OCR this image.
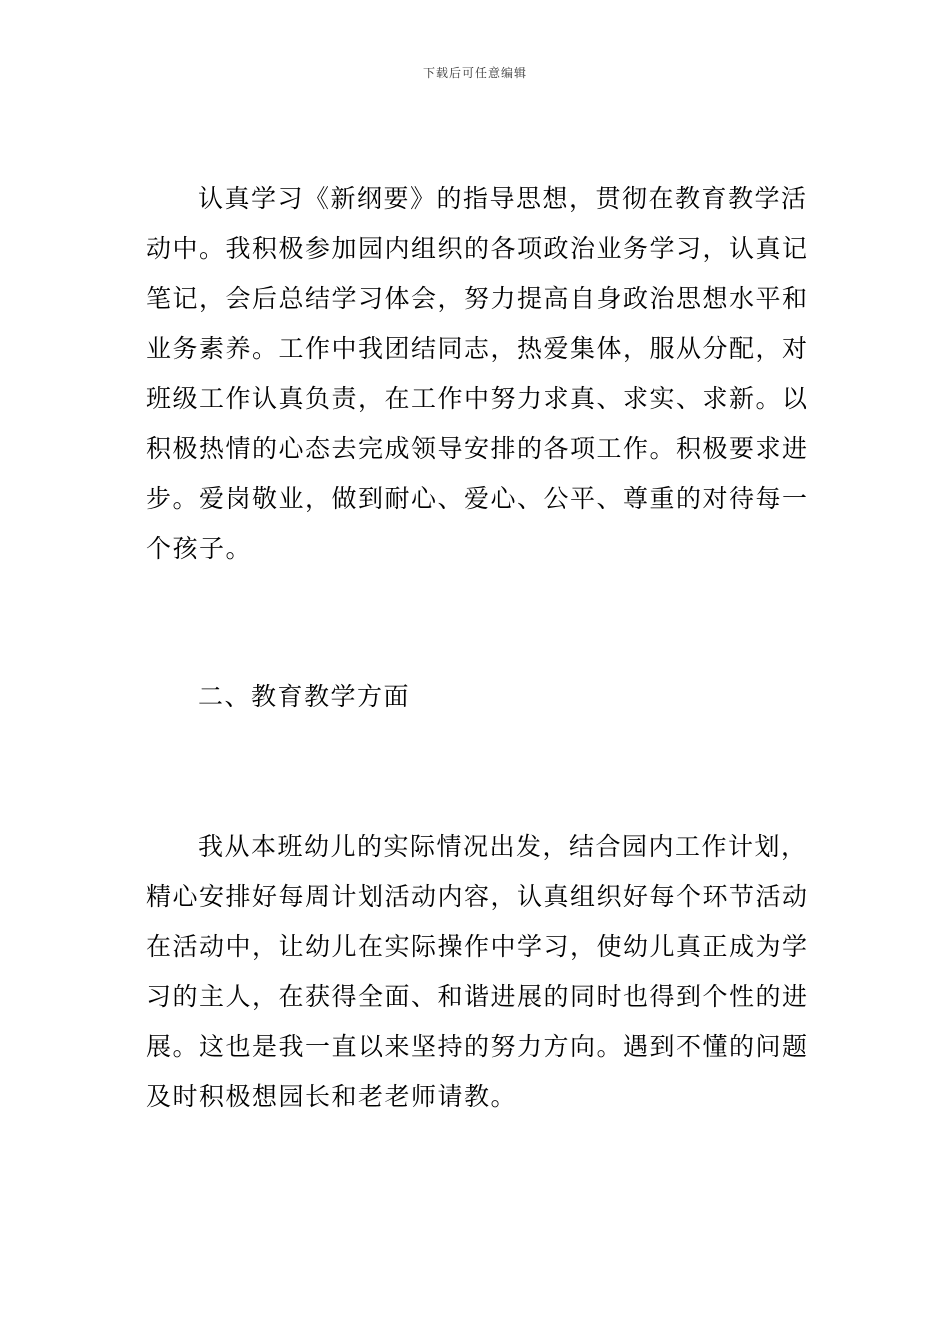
下载后可任意编辑
认真学习《新纲要》的指导思想，贯彻在教育教学活
动中。我积极参加园内组织的各项政治业务学习，认真记
笔记，会后总结学习体会，努力提高自身政治思想水平和
业务素养。工作中我团结同志，热爱集体，服从分配，对
班级工作认真负责，在工作中努力求真、求实、求新。以
积极热情的心态去完成领导安排的各项工作。积极要求进
步。爱岗敬业，做到耐心、爱心、公平、尊重的对待每一
个孩子。
二、教育教学方面
我从本班幼儿的实际情况出发，结合园内工作计划，
精心安排好每周计划活动内容，认真组织好每个环节活动
在活动中，让幼儿在实际操作中学习，使幼儿真正成为学
习的主人，在获得全面、和谐进展的同时也得到个性的进
展。这也是我一直以来坚持的努力方向。遇到不懂的问题
及时积极想园长和老老师请教。
